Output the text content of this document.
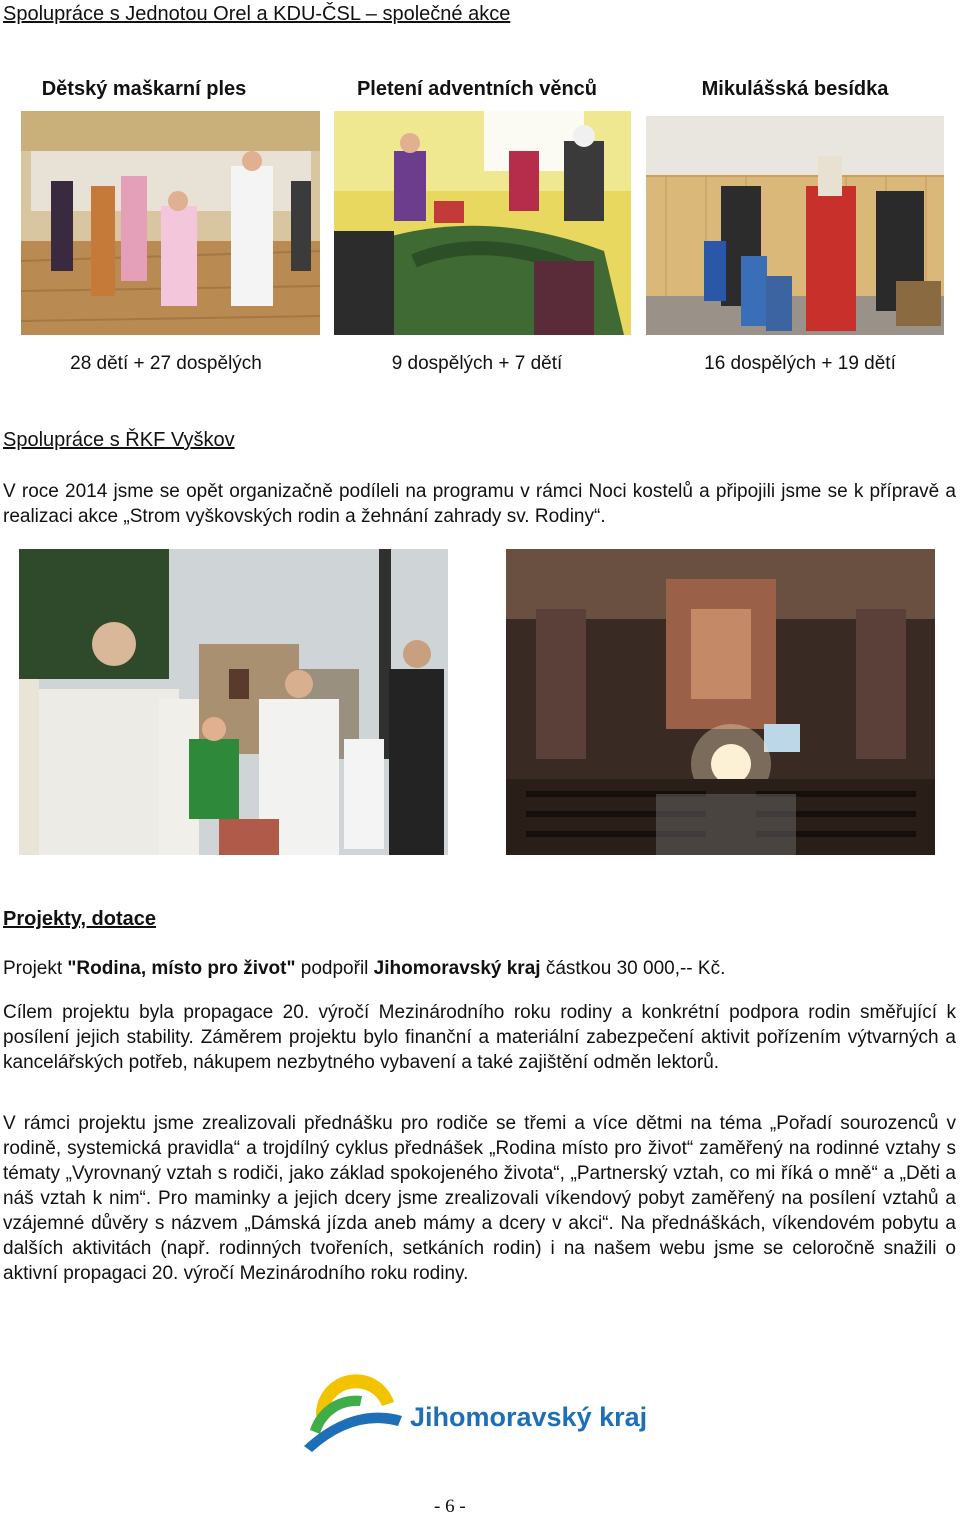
Spolupráce s Jednotou Orel a KDU-ČSL – společné akce
Dětský maškarní ples	Pletení adventních věnců	Mikulášská besídka
28 dětí + 27 dospělých	9 dospělých + 7 dětí	16 dospělých + 19 dětí
Spolupráce s ŘKF Vyškov
V roce 2014 jsme se opět organizačně podíleli na programu v rámci Noci kostelů a připojili jsme se k přípravě a realizaci akce „Strom vyškovských rodin a žehnání zahrady sv. Rodiny“.
Projekty, dotace
Projekt "Rodina, místo pro život" podpořil Jihomoravský kraj částkou 30 000,-- Kč.
Cílem projektu byla propagace 20. výročí Mezinárodního roku rodiny a konkrétní podpora rodin směřující k posílení jejich stability. Záměrem projektu bylo finanční a materiální zabezpečení aktivit pořízením výtvarných a kancelářských potřeb, nákupem nezbytného vybavení a také zajištění odměn lektorů.
V rámci projektu jsme zrealizovali přednášku pro rodiče se třemi a více dětmi na téma „Pořadí sourozenců v rodině, systemická pravidla“ a trojdílný cyklus přednášek „Rodina místo pro život“ zaměřený na rodinné vztahy s tématy „Vyrovnaný vztah s rodiči, jako základ spokojeného života“, „Partnerský vztah, co mi říká o mně“ a „Děti a náš vztah k nim“. Pro maminky a jejich dcery jsme zrealizovali víkendový pobyt zaměřený na posílení vztahů a vzájemné důvěry s názvem „Dámská jízda aneb mámy a dcery v akci“. Na přednáškách, víkendovém pobytu a dalších aktivitách (např. rodinných tvořeních, setkáních rodin) i na našem webu jsme se celoročně snažili o aktivní propagaci 20. výročí Mezinárodního roku rodiny.
Jihomoravský kraj
- 6 -
